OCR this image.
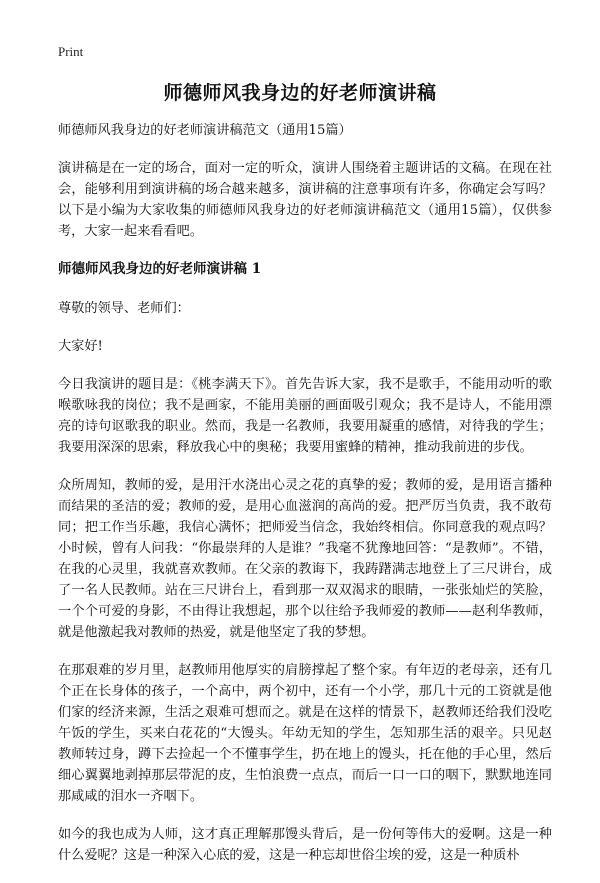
Print
师德师风我身边的好老师演讲稿

师德师风我身边的好老师演讲稿范文（通用15篇）

演讲稿是在一定的场合，面对一定的听众，演讲人围绕着主题讲话的文稿。在现在社会，能够利用到演讲稿的场合越来越多，演讲稿的注意事项有许多，你确定会写吗？以下是小编为大家收集的师德师风我身边的好老师演讲稿范文（通用15篇），仅供参考，大家一起来看看吧。

师德师风我身边的好老师演讲稿 1

尊敬的领导、老师们：

大家好!

今日我演讲的题目是：《桃李满天下》。首先告诉大家，我不是歌手，不能用动听的歌喉歌咏我的岗位；我不是画家，不能用美丽的画面吸引观众；我不是诗人，不能用漂亮的诗句讴歌我的职业。然而，我是一名教师，我要用凝重的感情，对待我的学生；我要用深深的思索，释放我心中的奥秘；我要用蜜蜂的精神，推动我前进的步伐。

众所周知，教师的爱，是用汗水浇出心灵之花的真挚的爱；教师的爱，是用语言播种而结果的圣洁的爱；教师的爱，是用心血滋润的高尚的爱。把严厉当负责，我不敢苟同；把工作当乐趣，我信心满怀；把师爱当信念，我始终相信。你同意我的观点吗？小时候，曾有人问我：“你最崇拜的人是谁？”我毫不犹豫地回答：“是教师”。不错，在我的心灵里，我就喜欢教师。在父亲的教诲下，我踌躇满志地登上了三尺讲台，成了一名人民教师。站在三尺讲台上，看到那一双双渴求的眼睛，一张张灿烂的笑脸，一个个可爱的身影，不由得让我想起，那个以往给予我师爱的教师——赵利华教师，就是他激起我对教师的热爱，就是他坚定了我的梦想。

在那艰难的岁月里，赵教师用他厚实的肩膀撑起了整个家。有年迈的老母亲，还有几个正在长身体的孩子，一个高中，两个初中，还有一个小学，那几十元的工资就是他们家的经济来源，生活之艰难可想而之。就是在这样的情景下，赵教师还给我们没吃午饭的学生，买来白花花的“大馒头。年幼无知的学生，怎知那生活的艰辛。只见赵教师转过身，蹲下去捡起一个不懂事学生，扔在地上的馒头，托在他的手心里，然后细心翼翼地剥掉那层带泥的皮，生怕浪费一点点，而后一口一口的咽下，默默地连同那咸咸的泪水一齐咽下。

如今的我也成为人师，这才真正理解那馒头背后，是一份何等伟大的爱啊。这是一种什么爱呢？这是一种深入心底的爱，这是一种忘却世俗尘埃的爱，这是一种质朴
